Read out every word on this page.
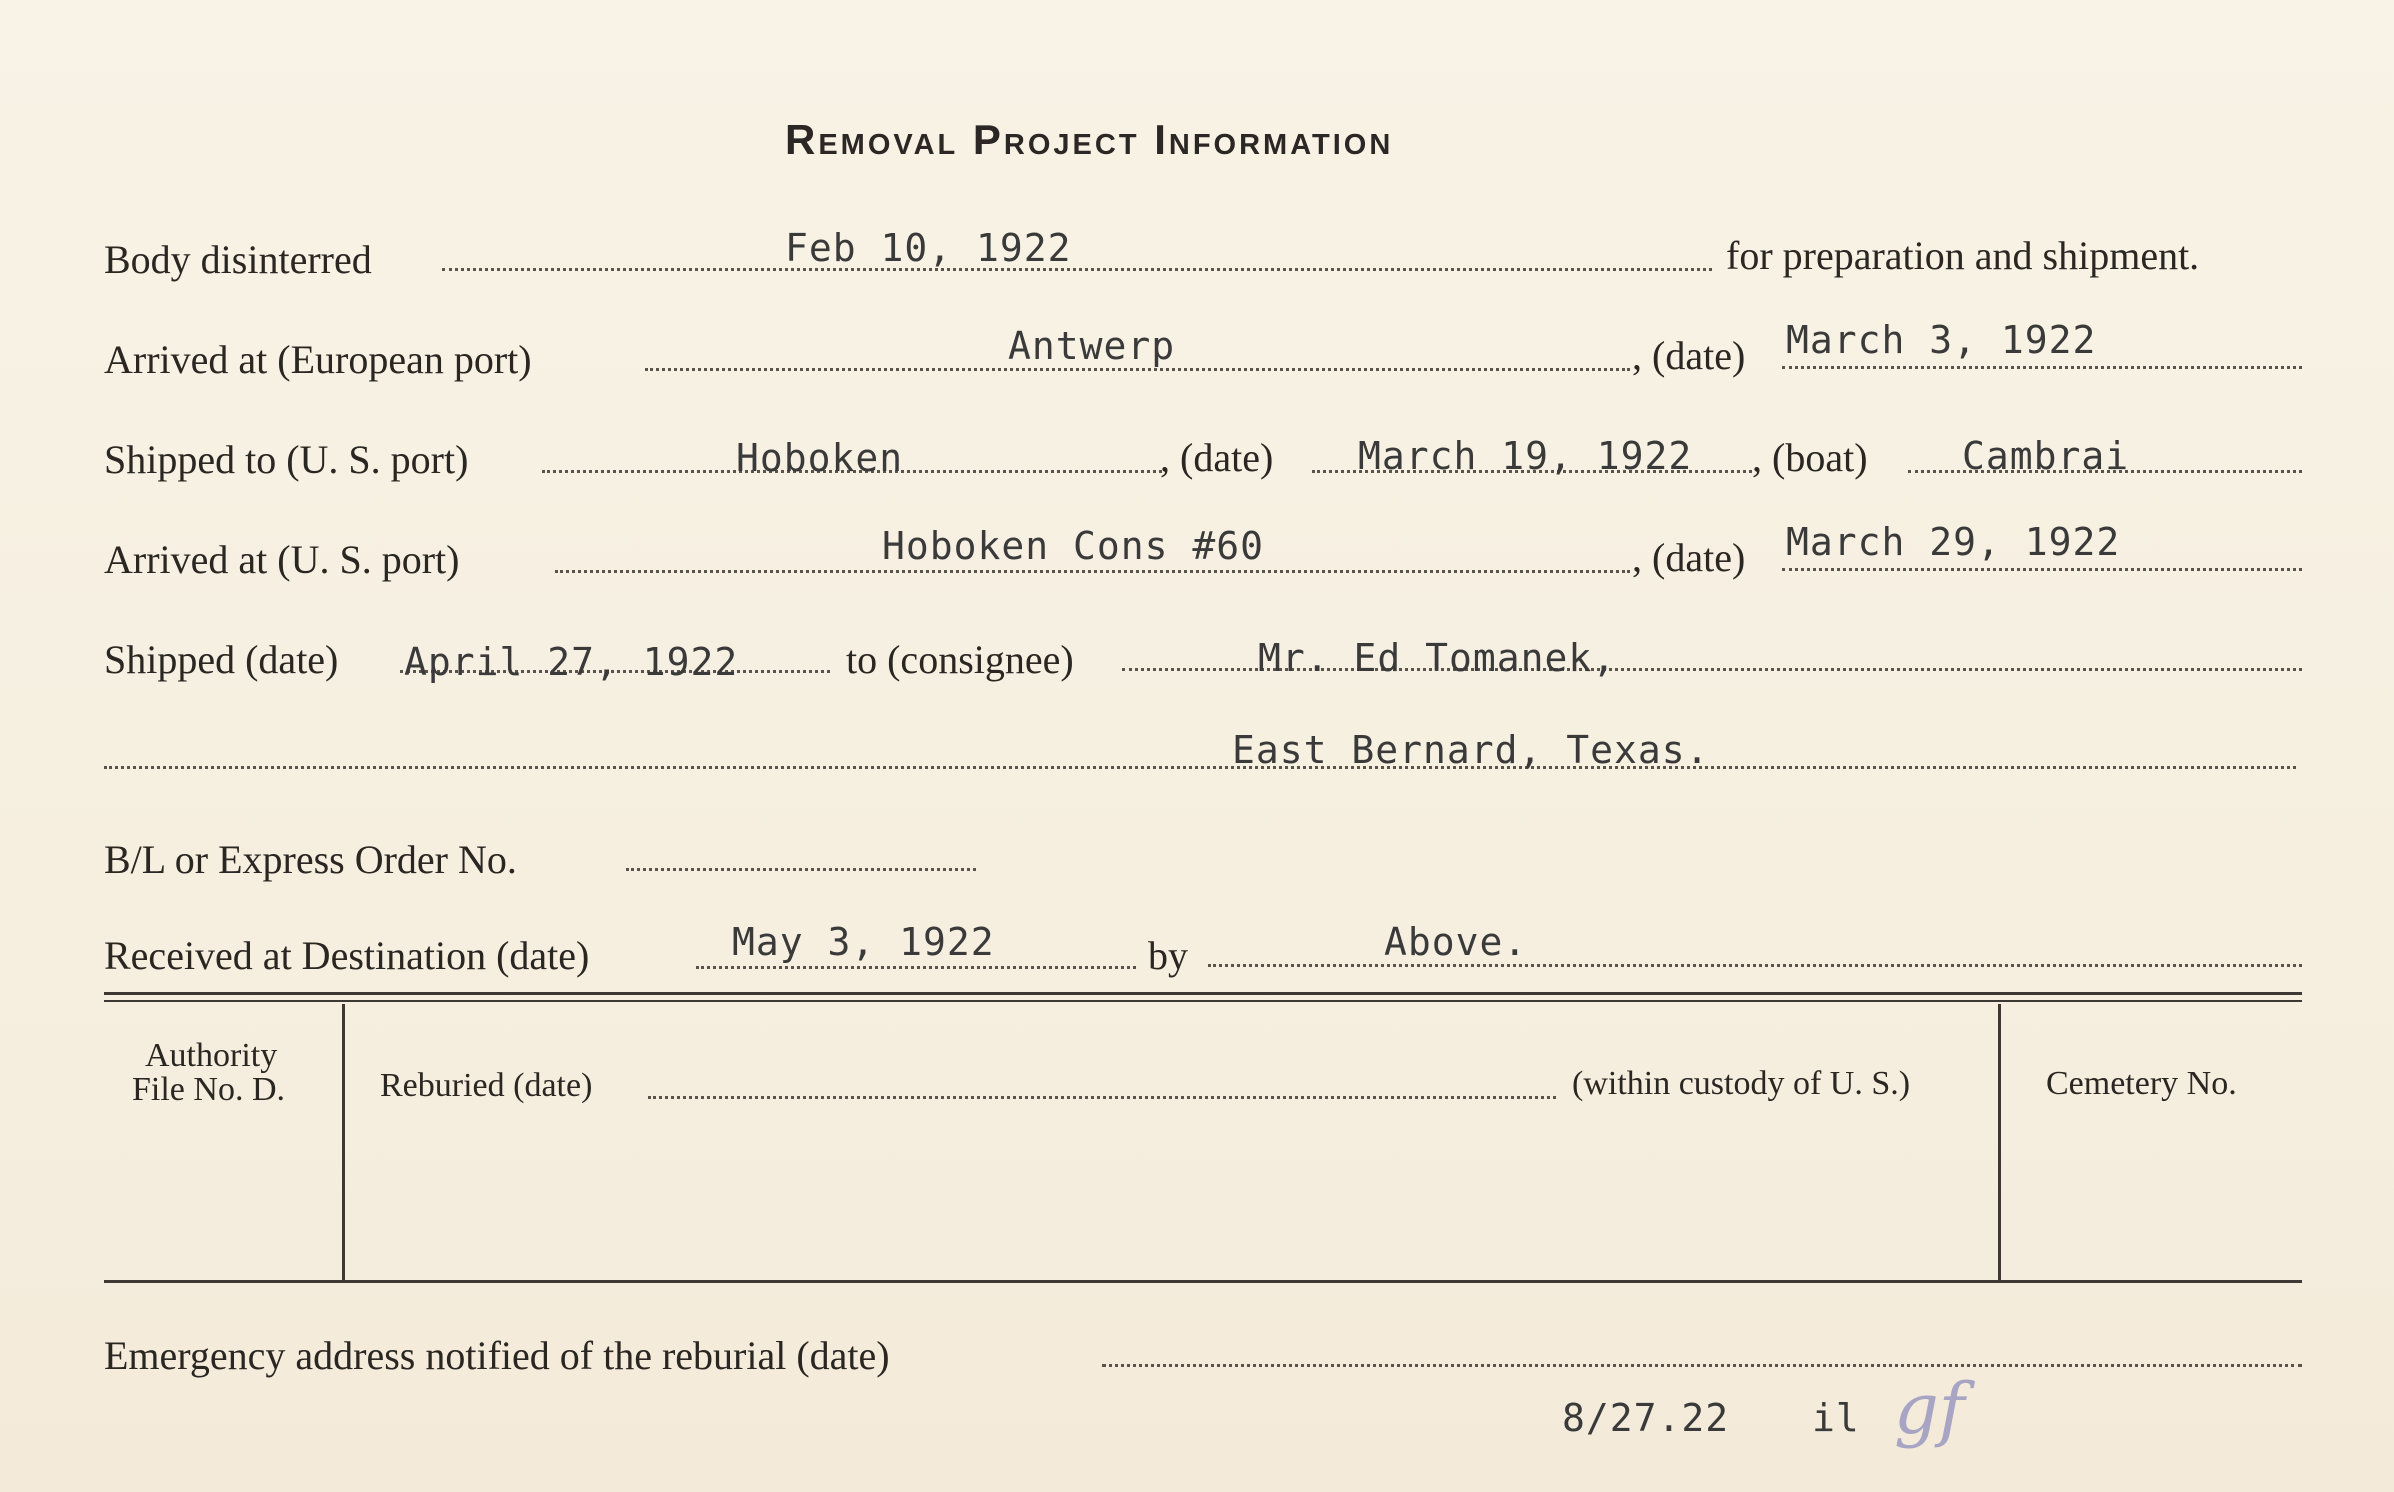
Removal Project Information
Body disinterred	Feb 10, 1922	for preparation and shipment.
Arrived at (European port)	Antwerp	, (date) March 3, 1922
Shipped to (U. S. port)	Hoboken	, (date) March 19, 1922 , (boat) Cambrai
Arrived at (U. S. port)	Hoboken Cons #60	, (date) March 29, 1922
Shipped (date) April 27, 1922	to (consignee)	Mr. Ed Tomanek,
East Bernard, Texas.
B/L or Express Order No.
Received at Destination (date)	May 3, 1922	by	Above.
Authority
File No. D.	Reburied (date)	(within custody of U. S.)	Cemetery No.
Emergency address notified of the reburial (date)
8/27.22 il gf
